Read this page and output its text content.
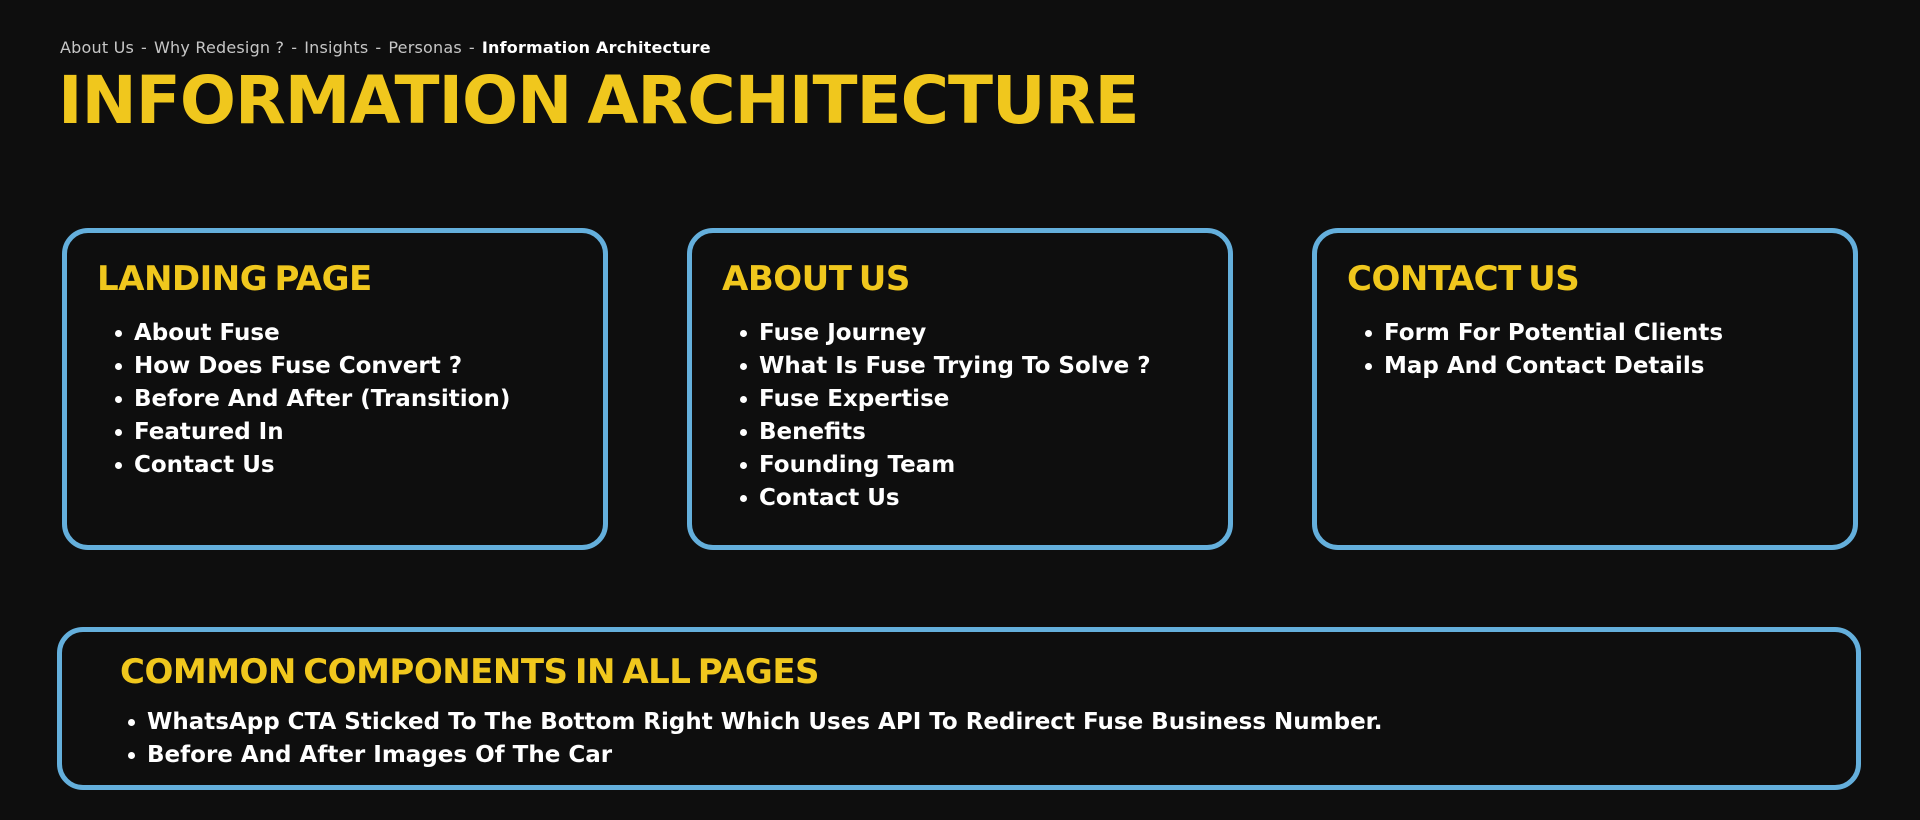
About Us - Why Redesign ? - Insights - Personas - Information Architecture
INFORMATION ARCHITECTURE
LANDING PAGE
About Fuse
How Does Fuse Convert ?
Before And After (Transition)
Featured In
Contact Us
ABOUT US
Fuse Journey
What Is Fuse Trying To Solve ?
Fuse Expertise
Benefits
Founding Team
Contact Us
CONTACT US
Form For Potential Clients
Map And Contact Details
COMMON COMPONENTS IN ALL PAGES
WhatsApp CTA Sticked To The Bottom Right Which Uses API To Redirect Fuse Business Number.
Before And After Images Of The Car
